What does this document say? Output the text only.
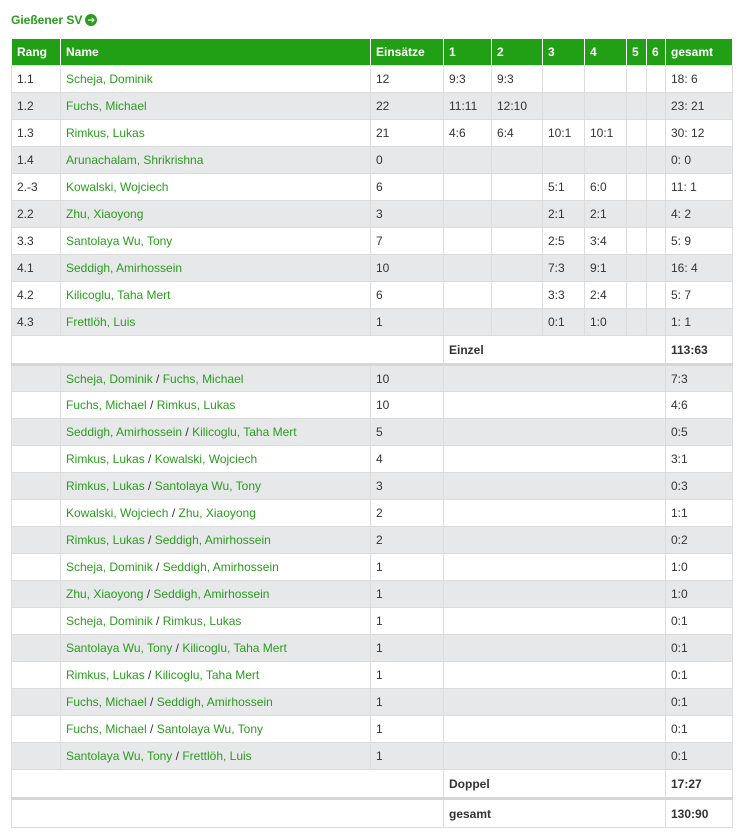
Gießener SV ➔
Rang	Name	Einsätze	1	2	3	4	5	6	gesamt
1.1	Scheja, Dominik	12	9:3	9:3					18: 6
1.2	Fuchs, Michael	22	11:11	12:10					23: 21
1.3	Rimkus, Lukas	21	4:6	6:4	10:1	10:1			30: 12
1.4	Arunachalam, Shrikrishna	0							0: 0
2.-3	Kowalski, Wojciech	6			5:1	6:0			11: 1
2.2	Zhu, Xiaoyong	3			2:1	2:1			4: 2
3.3	Santolaya Wu, Tony	7			2:5	3:4			5: 9
4.1	Seddigh, Amirhossein	10			7:3	9:1			16: 4
4.2	Kilicoglu, Taha Mert	6			3:3	2:4			5: 7
4.3	Frettlöh, Luis	1			0:1	1:0			1: 1
			Einzel						113:63
	Scheja, Dominik / Fuchs, Michael	10							7:3
	Fuchs, Michael / Rimkus, Lukas	10							4:6
	Seddigh, Amirhossein / Kilicoglu, Taha Mert	5							0:5
	Rimkus, Lukas / Kowalski, Wojciech	4							3:1
	Rimkus, Lukas / Santolaya Wu, Tony	3							0:3
	Kowalski, Wojciech / Zhu, Xiaoyong	2							1:1
	Rimkus, Lukas / Seddigh, Amirhossein	2							0:2
	Scheja, Dominik / Seddigh, Amirhossein	1							1:0
	Zhu, Xiaoyong / Seddigh, Amirhossein	1							1:0
	Scheja, Dominik / Rimkus, Lukas	1							0:1
	Santolaya Wu, Tony / Kilicoglu, Taha Mert	1							0:1
	Rimkus, Lukas / Kilicoglu, Taha Mert	1							0:1
	Fuchs, Michael / Seddigh, Amirhossein	1							0:1
	Fuchs, Michael / Santolaya Wu, Tony	1							0:1
	Santolaya Wu, Tony / Frettlöh, Luis	1							0:1
			Doppel						17:27
			gesamt						130:90
